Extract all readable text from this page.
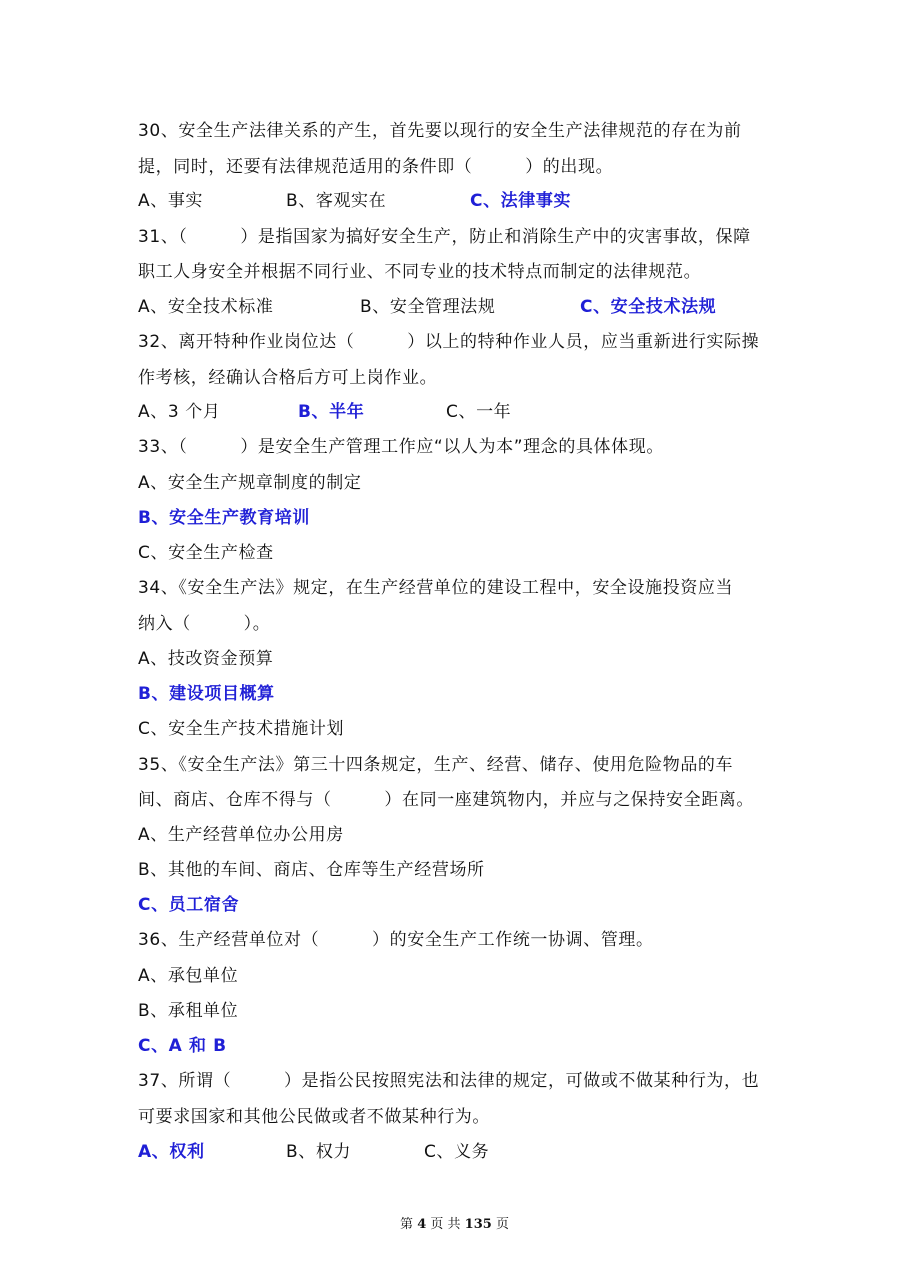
30、安全生产法律关系的产生，首先要以现行的安全生产法律规范的存在为前
提，同时，还要有法律规范适用的条件即（　　　）的出现。
A、事实	B、客观实在	C、法律事实
31、（　　　）是指国家为搞好安全生产，防止和消除生产中的灾害事故，保障
职工人身安全并根据不同行业、不同专业的技术特点而制定的法律规范。
A、安全技术标准	B、安全管理法规	C、安全技术法规
32、离开特种作业岗位达（　　　）以上的特种作业人员，应当重新进行实际操
作考核，经确认合格后方可上岗作业。
A、3 个月	B、半年	C、一年
33、（　　　）是安全生产管理工作应“以人为本”理念的具体体现。
A、安全生产规章制度的制定
B、安全生产教育培训
C、安全生产检查
34、《安全生产法》规定，在生产经营单位的建设工程中，安全设施投资应当
纳入（　　　）。
A、技改资金预算
B、建设项目概算
C、安全生产技术措施计划
35、《安全生产法》第三十四条规定，生产、经营、储存、使用危险物品的车
间、商店、仓库不得与（　　　）在同一座建筑物内，并应与之保持安全距离。
A、生产经营单位办公用房
B、其他的车间、商店、仓库等生产经营场所
C、员工宿舍
36、生产经营单位对（　　　）的安全生产工作统一协调、管理。
A、承包单位
B、承租单位
C、A 和 B
37、所谓（　　　）是指公民按照宪法和法律的规定，可做或不做某种行为，也
可要求国家和其他公民做或者不做某种行为。
A、权利	B、权力	C、义务
第 4 页 共 135 页
